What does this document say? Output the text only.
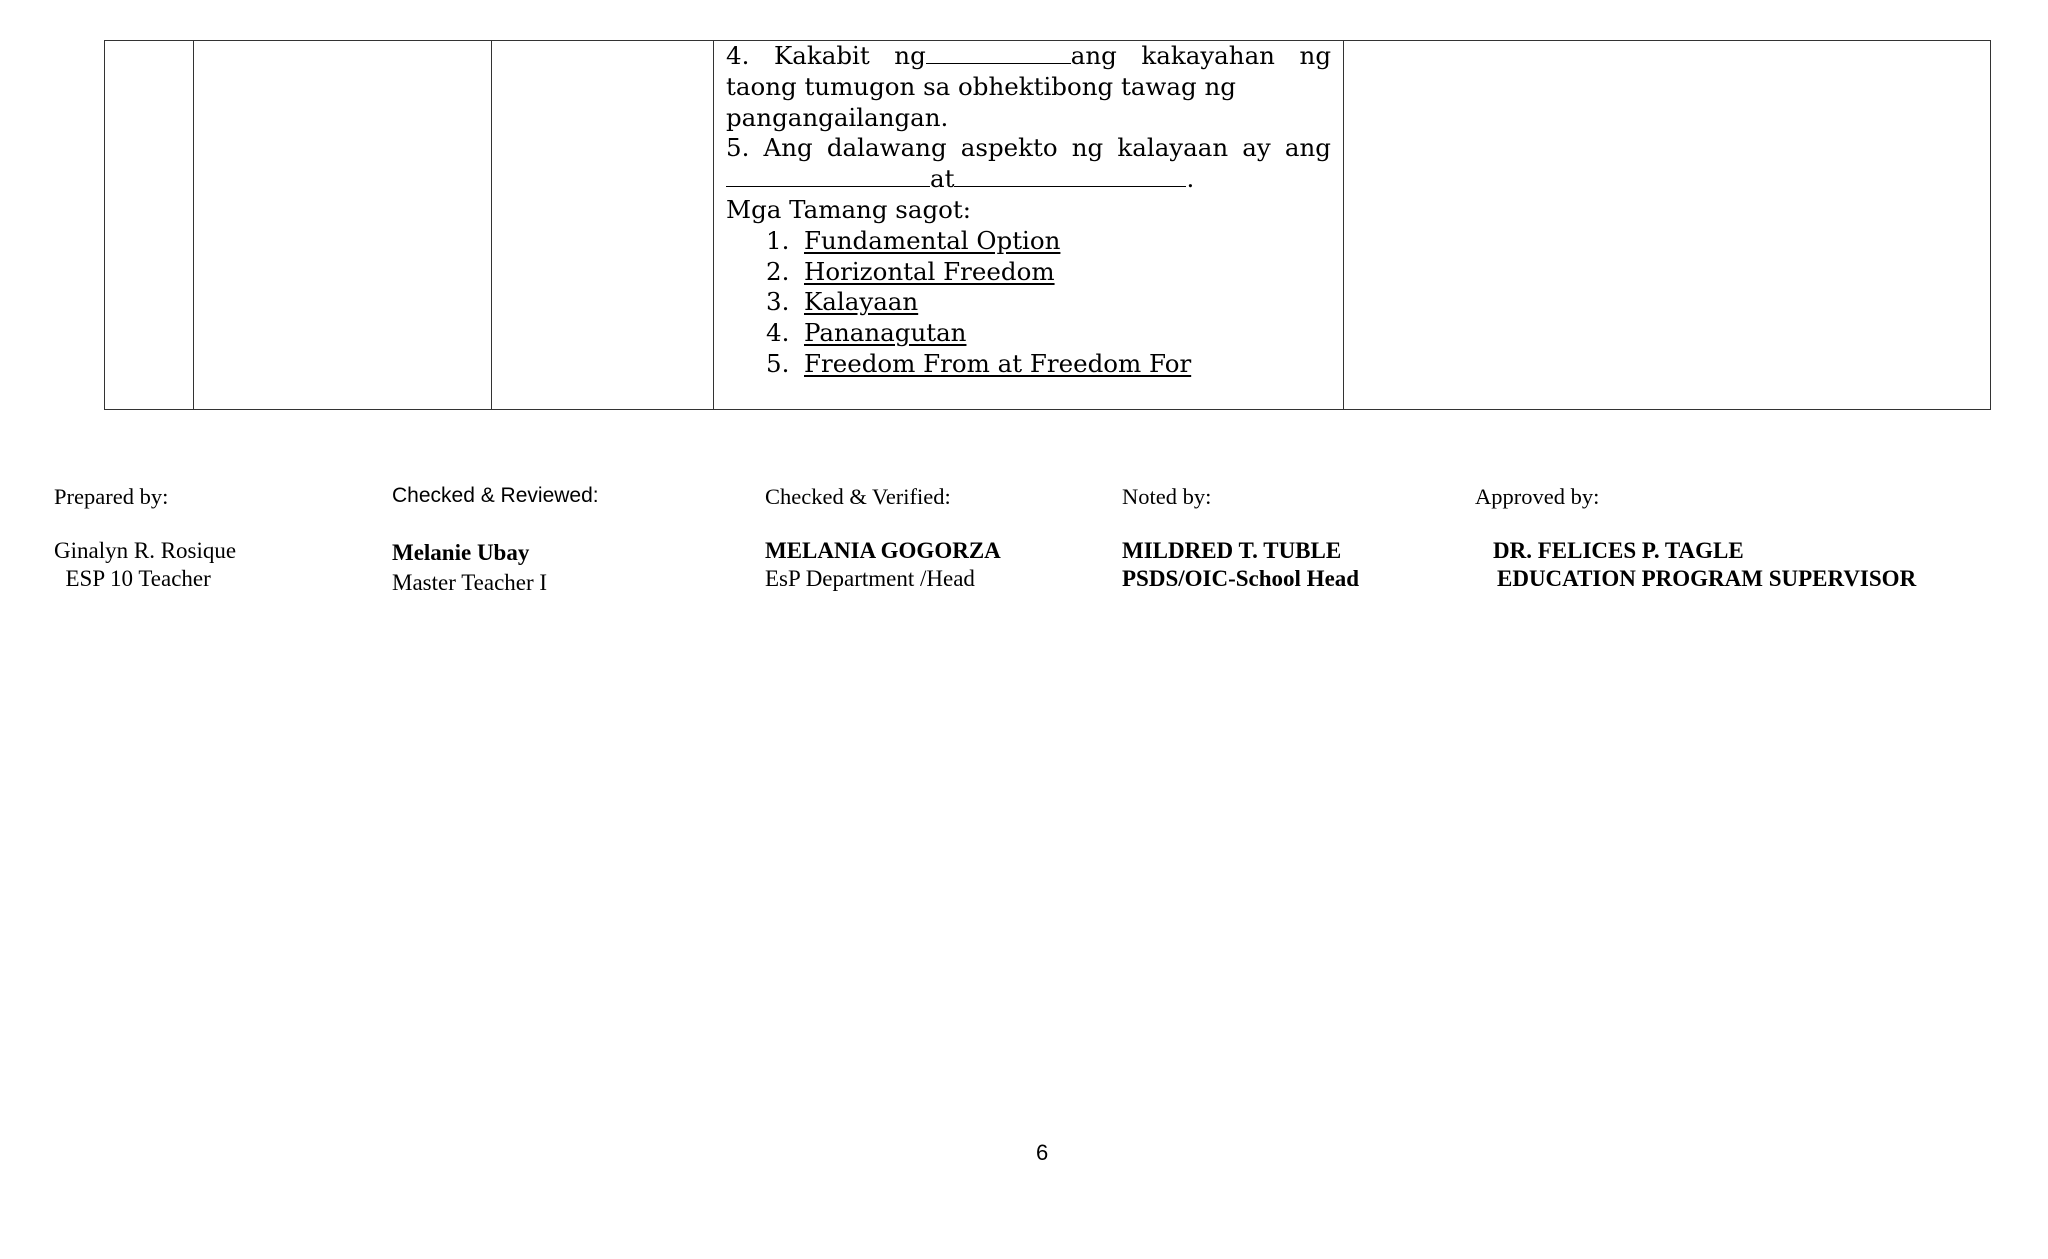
4. Kakabit ng	ang kakayahan ng
taong tumugon sa obhektibong tawag ng
pangangailangan.
5. Ang dalawang aspekto ng kalayaan ay ang
at	.
Mga Tamang sagot:
1. Fundamental Option
2. Horizontal Freedom
3. Kalayaan
4. Pananagutan
5. Freedom From at Freedom For

Prepared by:
Ginalyn R. Rosique
ESP 10 Teacher
Checked & Reviewed:
Melanie Ubay
Master Teacher I
Checked & Verified:
MELANIA GOGORZA
EsP Department /Head
Noted by:
MILDRED T. TUBLE
PSDS/OIC-School Head
Approved by:
DR. FELICES P. TAGLE
EDUCATION PROGRAM SUPERVISOR
6
